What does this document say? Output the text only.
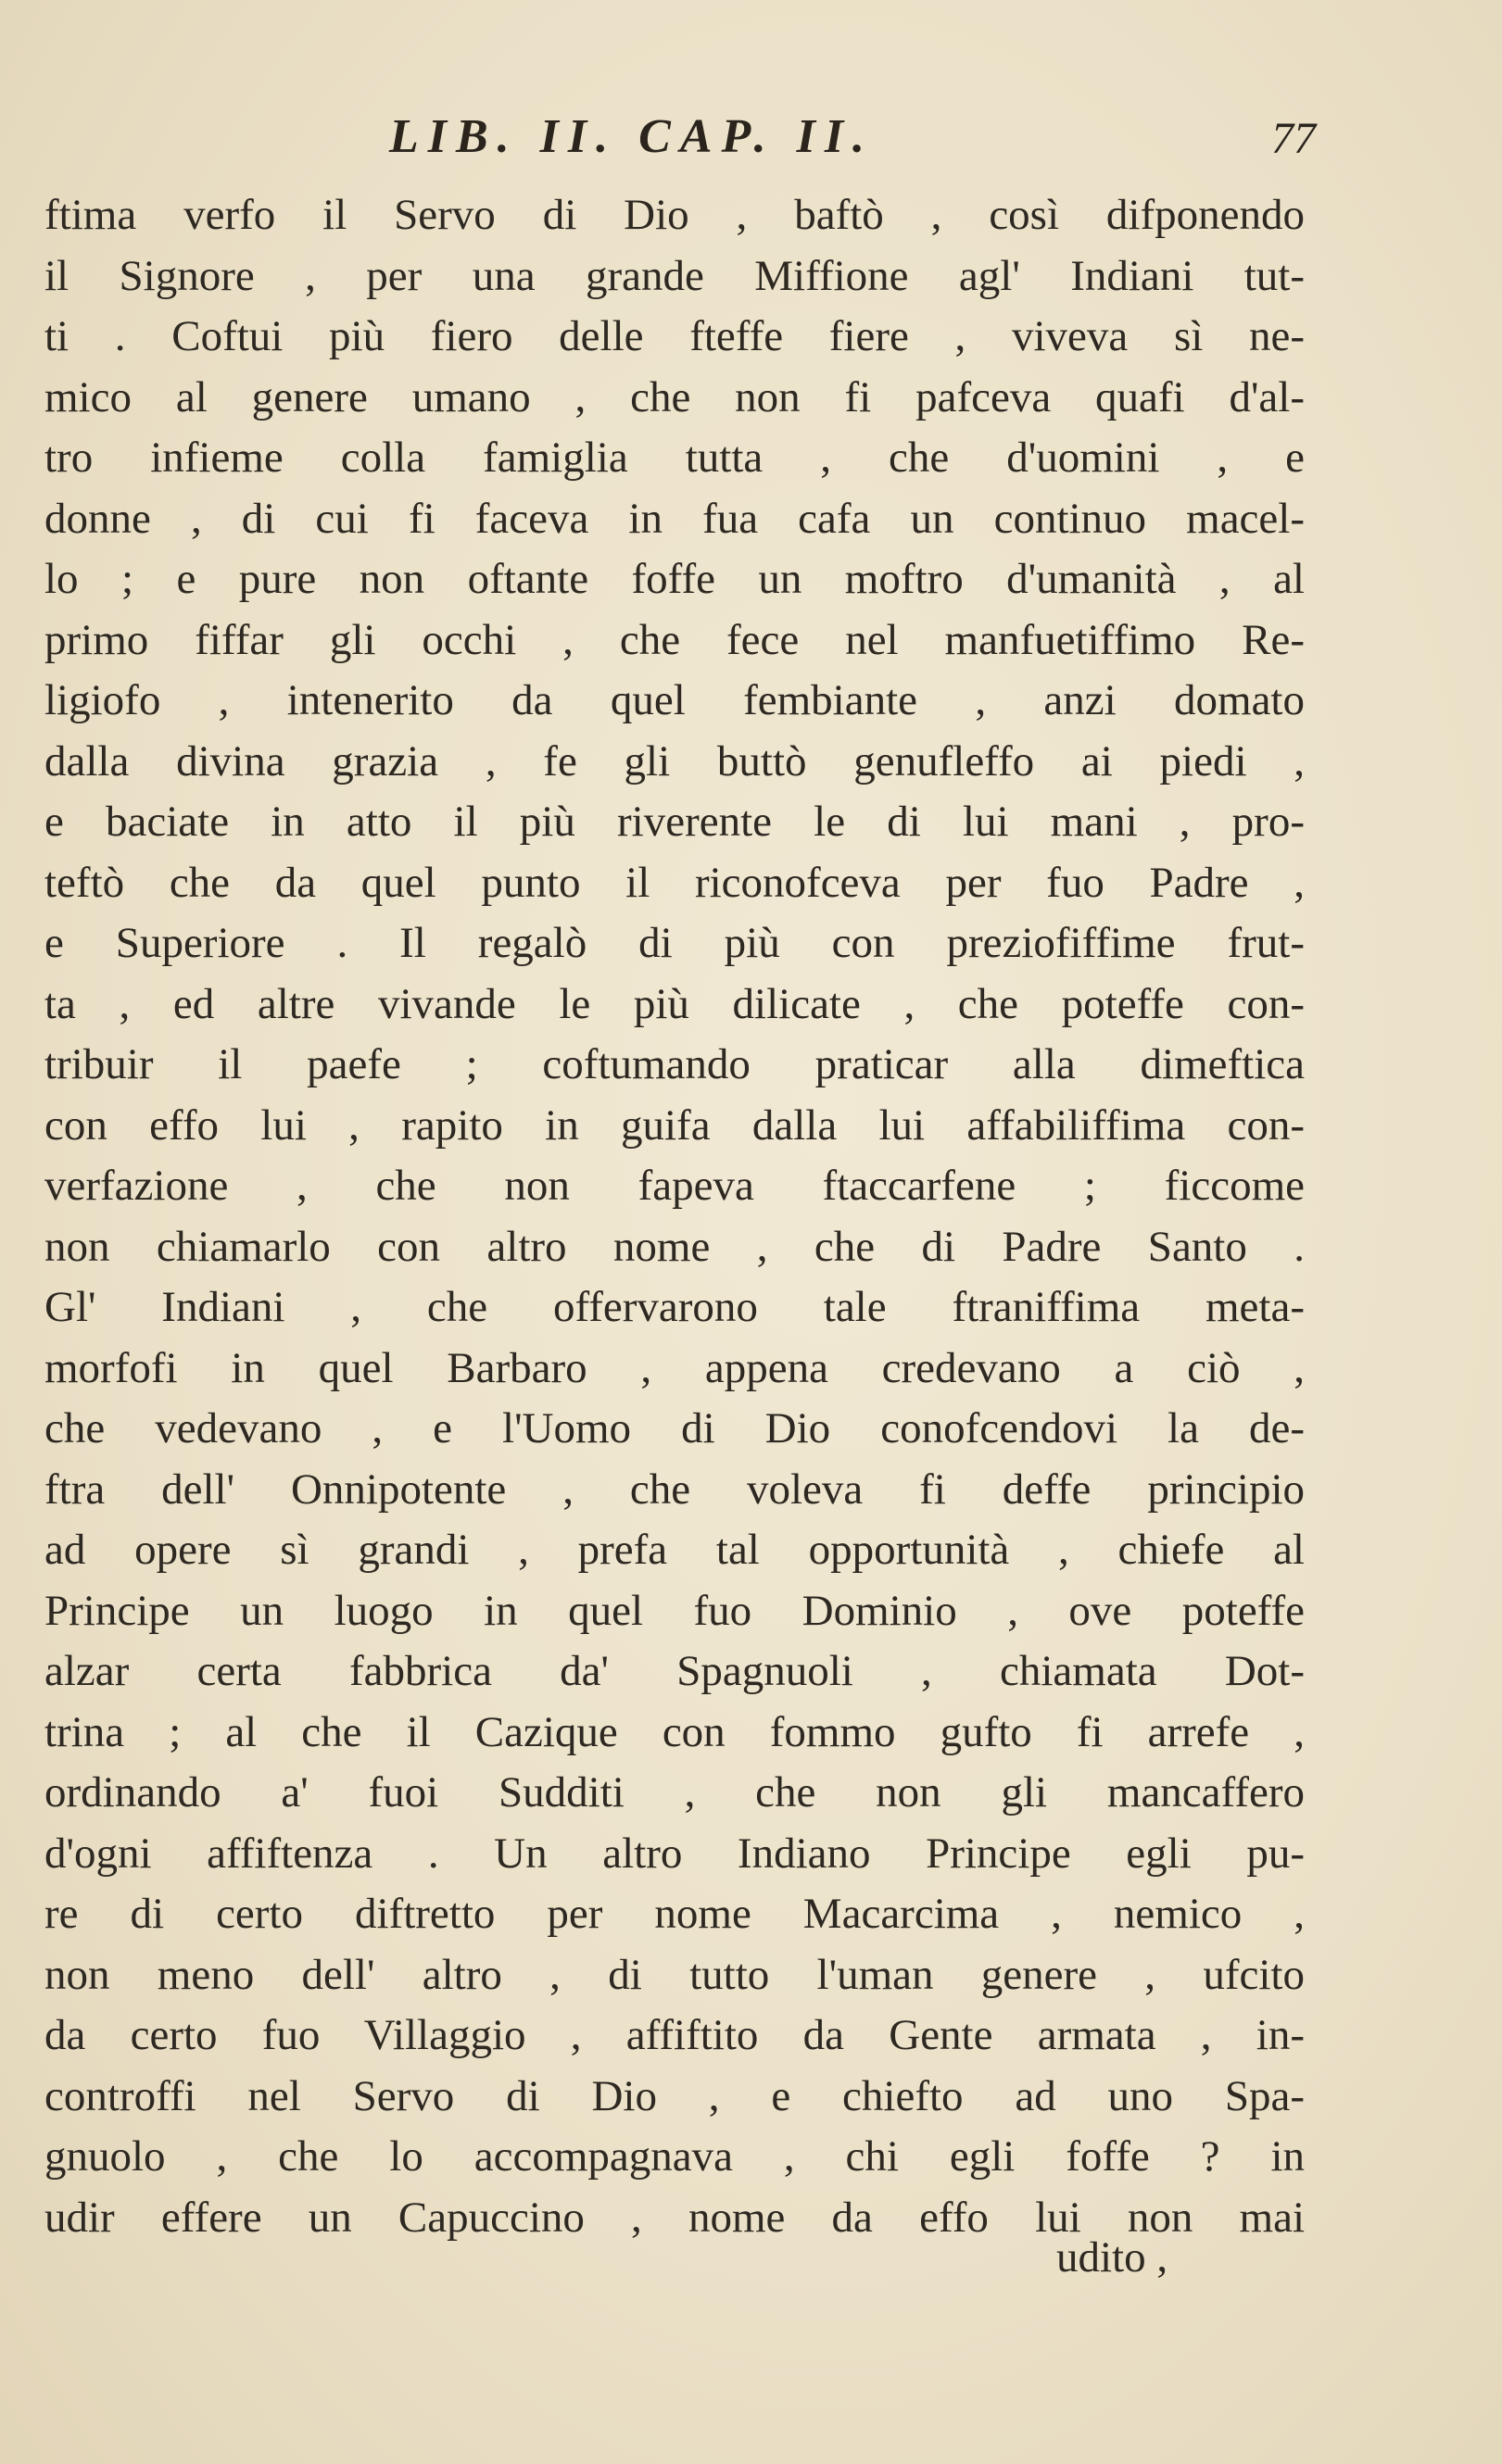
LIB. II. CAP. II.	77
ftima verfo il Servo di Dio , baftò , così difponendo
il Signore , per una grande Miffione agl' Indiani tut-
ti . Coftui più fiero delle fteffe fiere , viveva sì ne-
mico al genere umano , che non fi pafceva quafi d'al-
tro infieme colla famiglia tutta , che d'uomini , e
donne , di cui fi faceva in fua cafa un continuo macel-
lo ; e pure non oftante foffe un moftro d'umanità , al
primo fiffar gli occhi , che fece nel manfuetiffimo Re-
ligiofo , intenerito da quel fembiante , anzi domato
dalla divina grazia , fe gli buttò genufleffo ai piedi ,
e baciate in atto il più riverente le di lui mani , pro-
teftò che da quel punto il riconofceva per fuo Padre ,
e Superiore . Il regalò di più con preziofiffime frut-
ta , ed altre vivande le più dilicate , che poteffe con-
tribuir il paefe ; coftumando praticar alla dimeftica
con effo lui , rapito in guifa dalla lui affabiliffima con-
verfazione , che non fapeva ftaccarfene ; ficcome
non chiamarlo con altro nome , che di Padre Santo .
Gl' Indiani , che offervarono tale ftraniffima meta-
morfofi in quel Barbaro , appena credevano a ciò ,
che vedevano , e l'Uomo di Dio conofcendovi la de-
ftra dell' Onnipotente , che voleva fi deffe principio
ad opere sì grandi , prefa tal opportunità , chiefe al
Principe un luogo in quel fuo Dominio , ove poteffe
alzar certa fabbrica da' Spagnuoli , chiamata Dot-
trina ; al che il Cazique con fommo gufto fi arrefe ,
ordinando a' fuoi Sudditi , che non gli mancaffero
d'ogni affiftenza . Un altro Indiano Principe egli pu-
re di certo diftretto per nome Macarcima , nemico ,
non meno dell' altro , di tutto l'uman genere , ufcito
da certo fuo Villaggio , affiftito da Gente armata , in-
controffi nel Servo di Dio , e chiefto ad uno Spa-
gnuolo , che lo accompagnava , chi egli foffe ? in
udir effere un Capuccino , nome da effo lui non mai
udito ,
